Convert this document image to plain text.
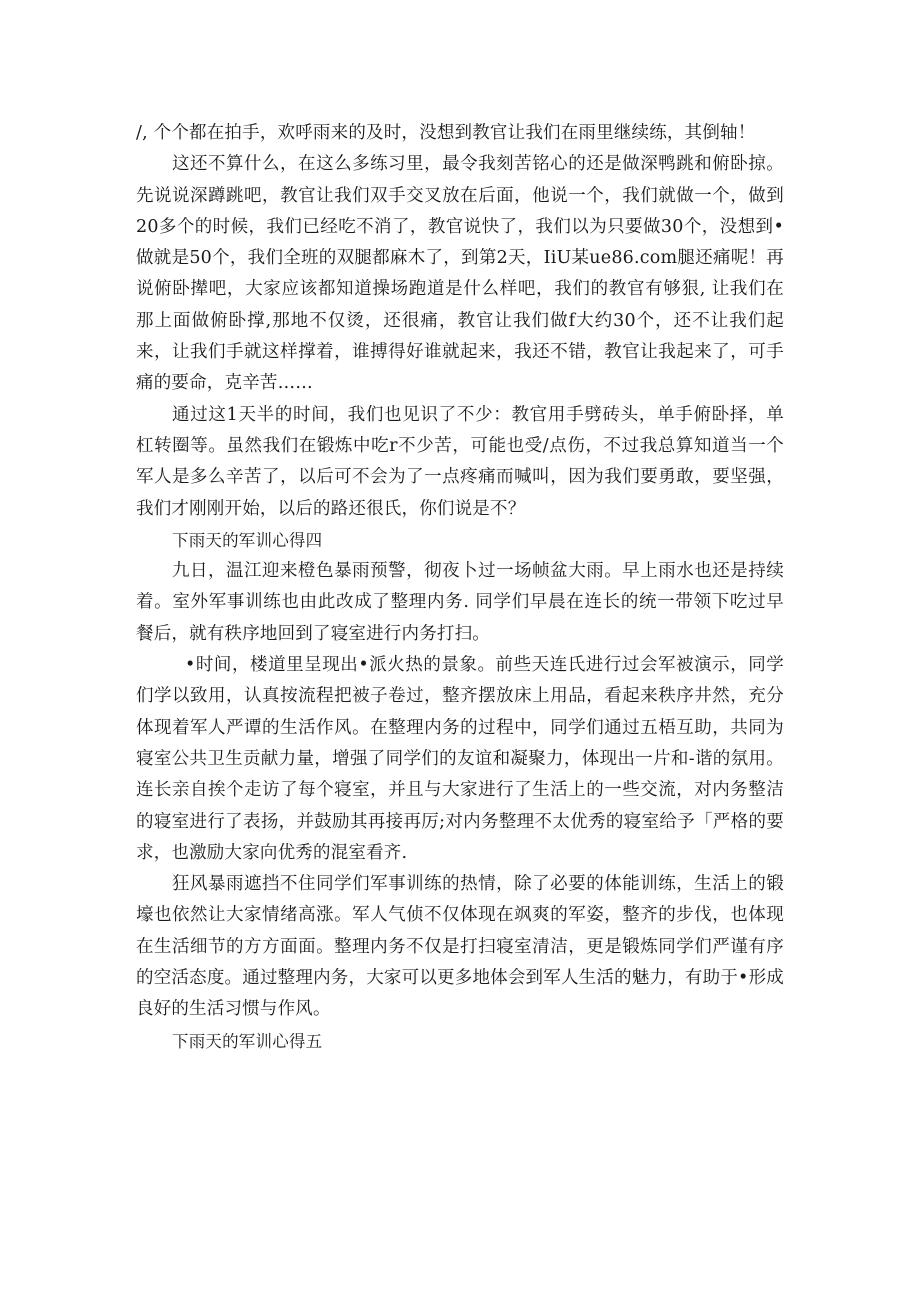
/, 个个都在拍手，欢呼雨来的及时，没想到教官让我们在雨里继续练，其倒轴！

这还不算什么，在这么多练习里，最令我刻苦铭心的还是做深鸭跳和俯卧掠。先说说深蹲跳吧，教官让我们双手交叉放在后面，他说一个，我们就做一个，做到20多个的时候，我们已经吃不消了，教官说快了，我们以为只要做30个，没想到•做就是50个，我们全班的双腿都麻木了，到第2天，IiU某ue86.com腿还痛呢！再说俯卧撵吧，大家应该都知道操场跑道是什么样吧，我们的教官有够狠, 让我们在那上面做俯卧撑,那地不仅烫，还很痛，教官让我们做f大约30个，还不让我们起来，让我们手就这样撑着，谁搏得好谁就起来，我还不错，教官让我起来了，可手痛的要命，克辛苦……

通过这1天半的时间，我们也见识了不少：教官用手劈砖头，单手俯卧择，单杠转圈等。虽然我们在锻炼中吃r不少苦，可能也受/点伤，不过我总算知道当一个军人是多么辛苦了，以后可不会为了一点疼痛而喊叫，因为我们要勇敢，要坚强，我们才刚刚开始，以后的路还很氏，你们说是不？

下雨天的军训心得四

九日，温江迎来橙色暴雨预警，彻夜卜过一场帧盆大雨。早上雨水也还是持续着。室外军事训练也由此改成了整理内务. 同学们早晨在连长的统一带领下吃过早餐后，就有秩序地回到了寝室进行内务打扫。

•时间，楼道里呈现出•派火热的景象。前些天连氏进行过会军被演示，同学们学以致用，认真按流程把被子卷过，整齐摆放床上用品，看起来秩序井然，充分体现着军人严谭的生活作风。在整理内务的过程中，同学们通过五梧互助，共同为寝室公共卫生贡献力量，增强了同学们的友谊和凝聚力，体现出一片和-谐的氛用。连长亲自挨个走访了每个寝室，并且与大家进行了生活上的一些交流，对内务整洁的寝室进行了表扬，并鼓励其再接再厉;对内务整理不太优秀的寝室给予「严格的要求，也激励大家向优秀的混室看齐.

狂风暴雨遮挡不住同学们军事训练的热情，除了必要的体能训练，生活上的锻壕也依然让大家情绪高涨。军人气侦不仅体现在飒爽的军姿，整齐的步伐，也体现在生活细节的方方面面。整理内务不仅是打扫寝室清洁，更是锻炼同学们严谨有序的空活态度。通过整理内务，大家可以更多地体会到军人生活的魅力，有助于•形成良好的生活习惯与作风。

下雨天的军训心得五
